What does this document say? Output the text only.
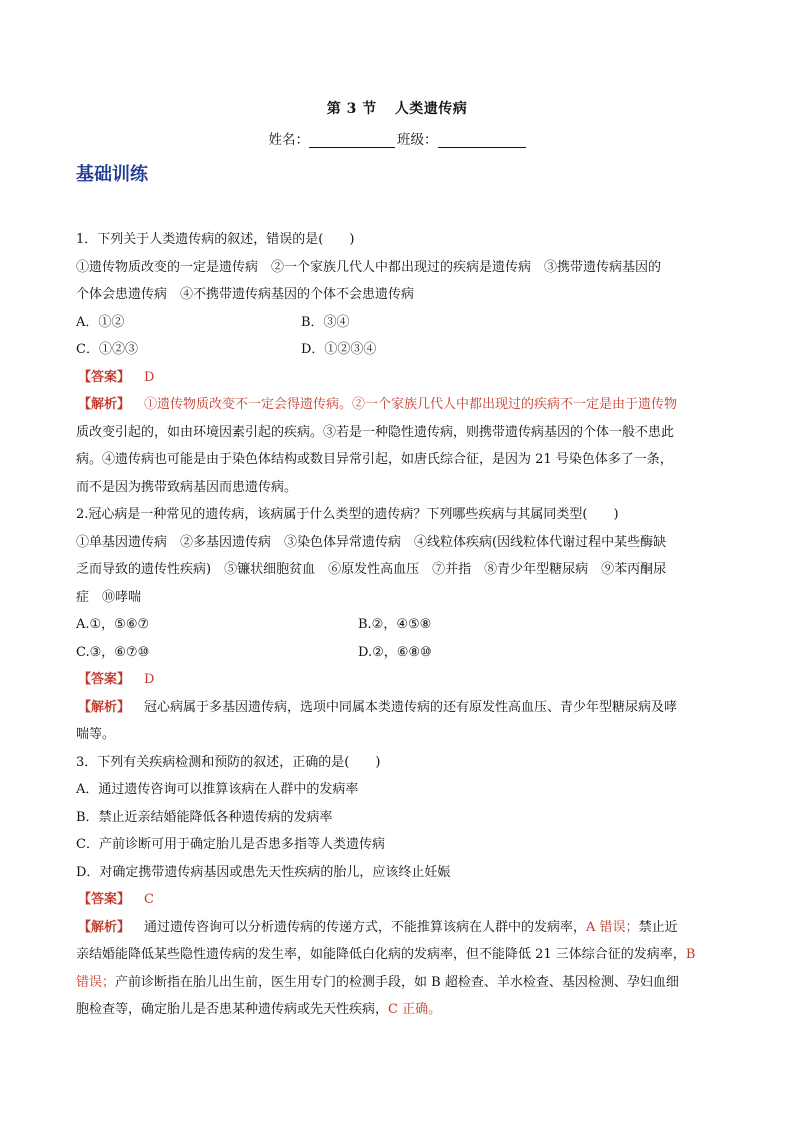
第 3 节 人类遗传病
姓名：	班级：
基础训练
1．下列关于人类遗传病的叙述，错误的是(　　)
①遗传物质改变的一定是遗传病　②一个家族几代人中都出现过的疾病是遗传病　③携带遗传病基因的
个体会患遗传病　④不携带遗传病基因的个体不会患遗传病
A．①②	B．③④
C．①②③	D．①②③④
【答案】 D
【解析】 ①遗传物质改变不一定会得遗传病。②一个家族几代人中都出现过的疾病不一定是由于遗传物
质改变引起的，如由环境因素引起的疾病。③若是一种隐性遗传病，则携带遗传病基因的个体一般不患此
病。④遗传病也可能是由于染色体结构或数目异常引起，如唐氏综合征，是因为 21 号染色体多了一条，
而不是因为携带致病基因而患遗传病。
2.冠心病是一种常见的遗传病，该病属于什么类型的遗传病？下列哪些疾病与其属同类型(　　)
①单基因遗传病　②多基因遗传病　③染色体异常遗传病　④线粒体疾病(因线粒体代谢过程中某些酶缺
乏而导致的遗传性疾病)　⑤镰状细胞贫血　⑥原发性高血压　⑦并指　⑧青少年型糖尿病　⑨苯丙酮尿
症　⑩哮喘
A.①，⑤⑥⑦	B.②，④⑤⑧
C.③，⑥⑦⑩	D.②，⑥⑧⑩
【答案】 D
【解析】 冠心病属于多基因遗传病，选项中同属本类遗传病的还有原发性高血压、青少年型糖尿病及哮
喘等。
3．下列有关疾病检测和预防的叙述，正确的是(　　)
A．通过遗传咨询可以推算该病在人群中的发病率
B．禁止近亲结婚能降低各种遗传病的发病率
C．产前诊断可用于确定胎儿是否患多指等人类遗传病
D．对确定携带遗传病基因或患先天性疾病的胎儿，应该终止妊娠
【答案】 C
【解析】 通过遗传咨询可以分析遗传病的传递方式，不能推算该病在人群中的发病率，A 错误；禁止近
亲结婚能降低某些隐性遗传病的发生率，如能降低白化病的发病率，但不能降低 21 三体综合征的发病率，B
错误；产前诊断指在胎儿出生前，医生用专门的检测手段，如 B 超检查、羊水检查、基因检测、孕妇血细
胞检查等，确定胎儿是否患某种遗传病或先天性疾病，C 正确。
